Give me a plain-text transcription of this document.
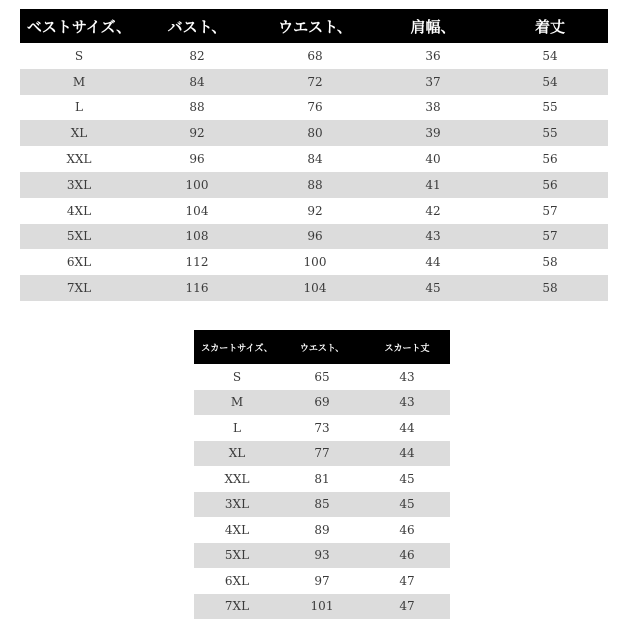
ベストサイズ、	バスト、	ウエスト、	肩幅、	着丈
S	82	68	36	54
M	84	72	37	54
L	88	76	38	55
XL	92	80	39	55
XXL	96	84	40	56
3XL	100	88	41	56
4XL	104	92	42	57
5XL	108	96	43	57
6XL	112	100	44	58
7XL	116	104	45	58
スカートサイズ、	ウエスト、	スカート丈
S	65	43
M	69	43
L	73	44
XL	77	44
XXL	81	45
3XL	85	45
4XL	89	46
5XL	93	46
6XL	97	47
7XL	101	47
